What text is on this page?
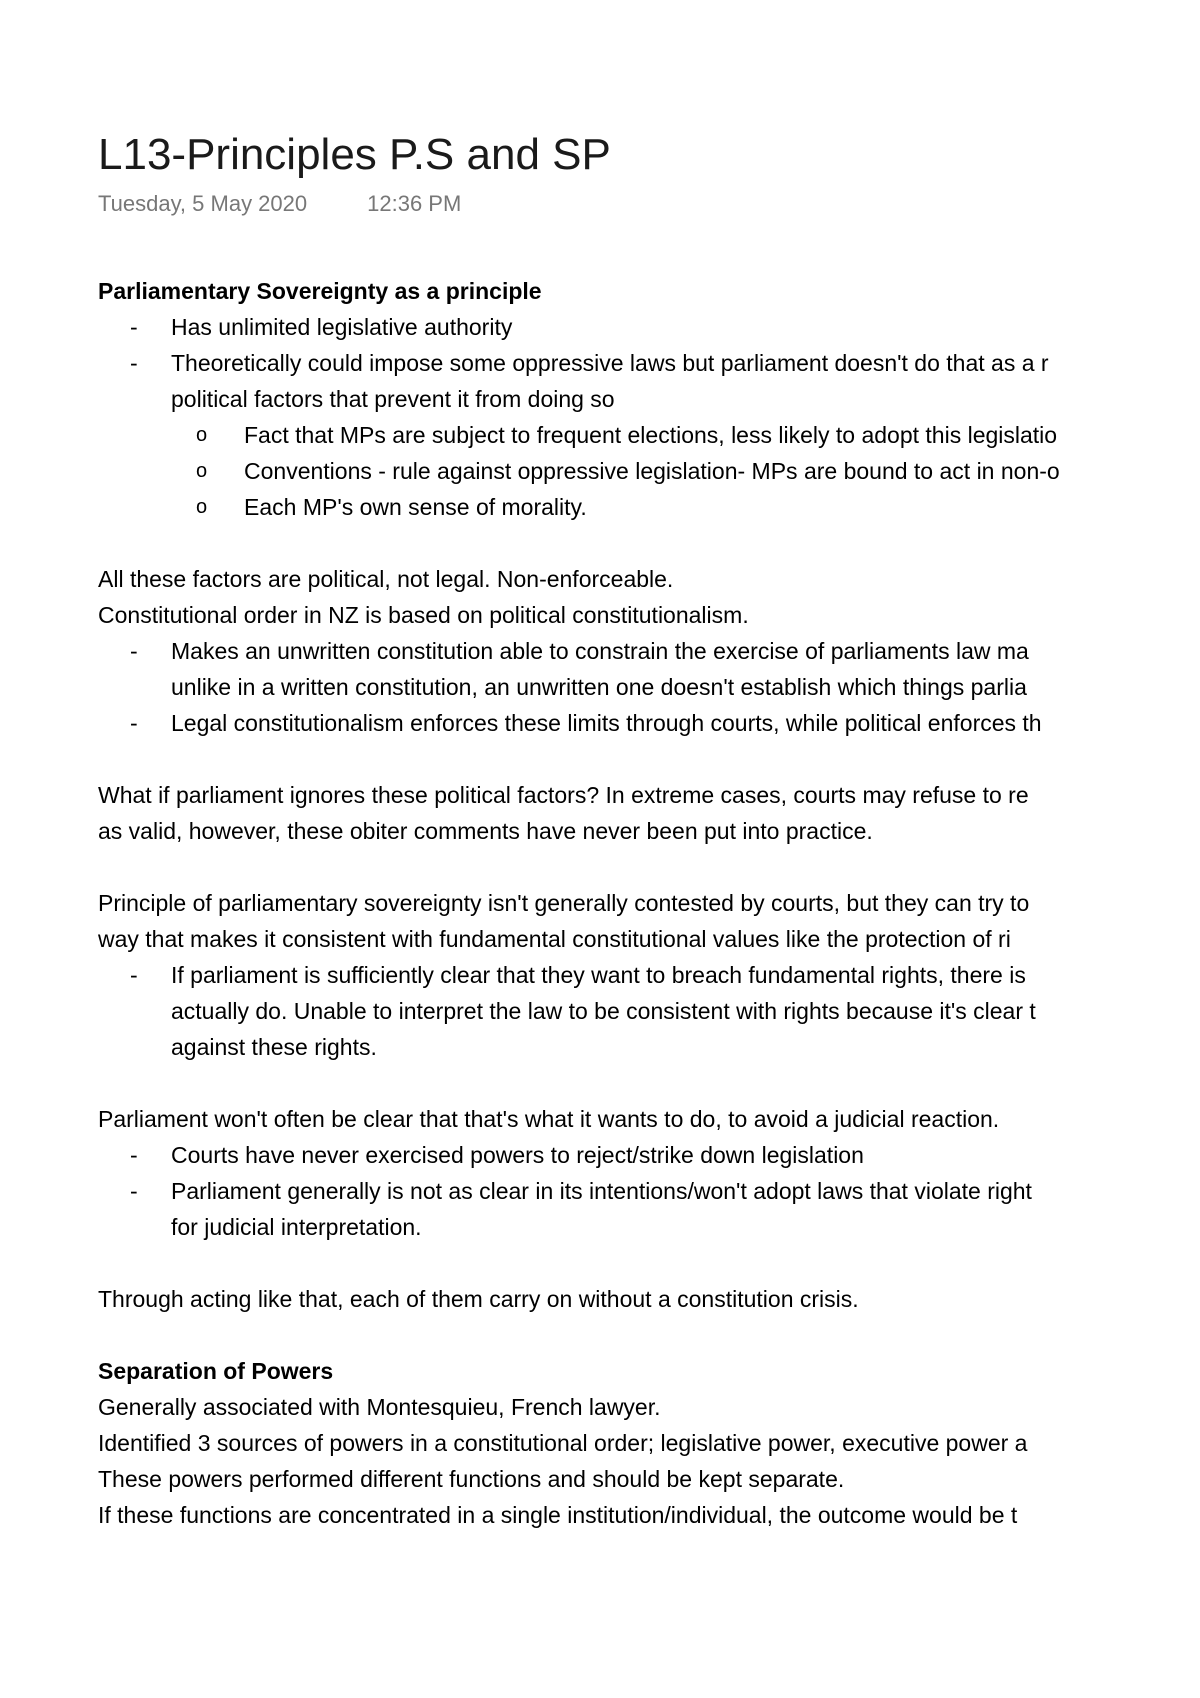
L13-Principles P.S and SP
Tuesday, 5 May 2020	12:36 PM

Parliamentary Sovereignty as a principle

- Has unlimited legislative authority
- Theoretically could impose some oppressive laws but parliament doesn't do that as a r
political factors that prevent it from doing so
o Fact that MPs are subject to frequent elections, less likely to adopt this legislatio
o Conventions - rule against oppressive legislation- MPs are bound to act in non-o
o Each MP's own sense of morality.

All these factors are political, not legal. Non-enforceable.

Constitutional order in NZ is based on political constitutionalism.

- Makes an unwritten constitution able to constrain the exercise of parliaments law ma
unlike in a written constitution, an unwritten one doesn't establish which things parlia
- Legal constitutionalism enforces these limits through courts, while political enforces th

What if parliament ignores these political factors? In extreme cases, courts may refuse to re

as valid, however, these obiter comments have never been put into practice.

Principle of parliamentary sovereignty isn't generally contested by courts, but they can try to

way that makes it consistent with fundamental constitutional values like the protection of ri

- If parliament is sufficiently clear that they want to breach fundamental rights, there is
actually do. Unable to interpret the law to be consistent with rights because it's clear t
against these rights.

Parliament won't often be clear that that's what it wants to do, to avoid a judicial reaction.

- Courts have never exercised powers to reject/strike down legislation
- Parliament generally is not as clear in its intentions/won't adopt laws that violate right
for judicial interpretation.

Through acting like that, each of them carry on without a constitution crisis.

Separation of Powers

Generally associated with Montesquieu, French lawyer.

Identified 3 sources of powers in a constitutional order; legislative power, executive power a

These powers performed different functions and should be kept separate.

If these functions are concentrated in a single institution/individual, the outcome would be t
